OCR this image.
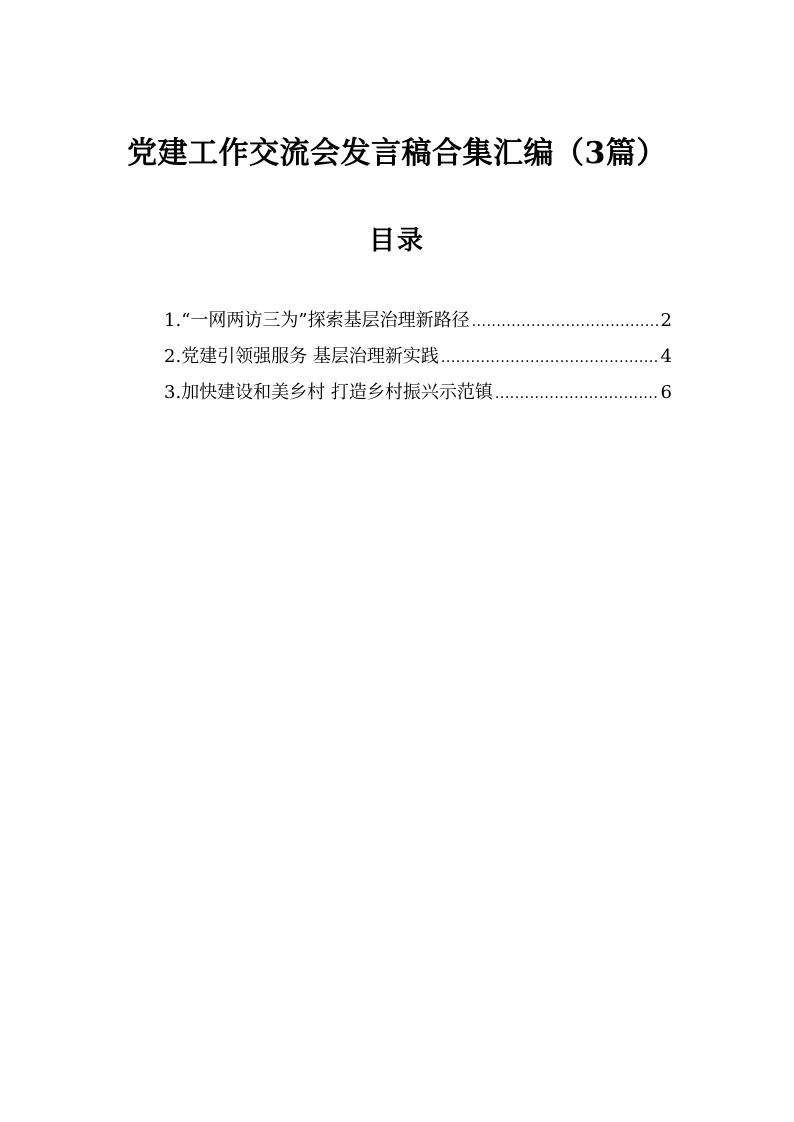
党建工作交流会发言稿合集汇编（3篇）
目录
1. “一网两访三为”探索基层治理新路径 .....	2
2. 党建引领强服务 基层治理新实践 .....	4
3. 加快建设和美乡村 打造乡村振兴示范镇 .....	6
